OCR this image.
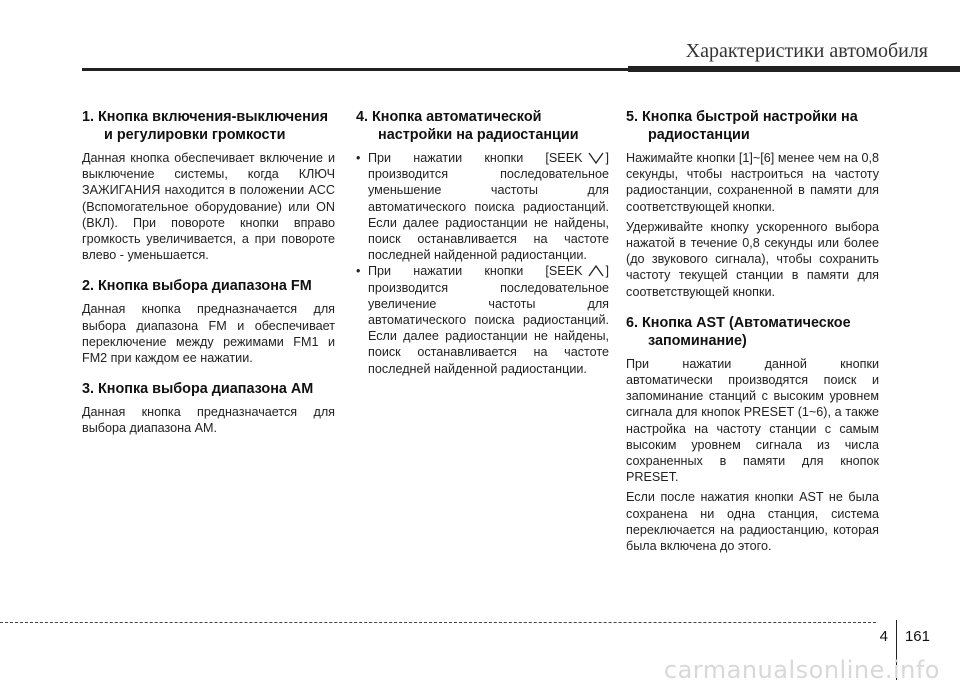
Характеристики автомобиля
1. Кнопка включения-выключения и регулировки громкости

Данная кнопка обеспечивает включение и выключение системы, когда КЛЮЧ ЗАЖИГАНИЯ находится в положении ACC (Вспомогательное оборудование) или ON (ВКЛ). При повороте кнопки вправо громкость увеличивается, а при повороте влево - уменьшается.

2. Кнопка выбора диапазона FM

Данная кнопка предназначается для выбора диапазона FM и обеспечивает переключение между режимами FM1 и FM2 при каждом ее нажатии.

3. Кнопка выбора диапазона AM

Данная кнопка предназначается для выбора диапазона AM.

4. Кнопка автоматической настройки на радиостанции
• При нажатии кнопки [SEEK ] производится последовательное уменьшение частоты для автоматического поиска радиостанций. Если далее радиостанции не найдены, поиск останавливается на частоте последней найденной радиостанции.
• При нажатии кнопки [SEEK ] производится последовательное увеличение частоты для автоматического поиска радиостанций. Если далее радиостанции не найдены, поиск останавливается на частоте последней найденной радиостанции.
5. Кнопка быстрой настройки на радиостанции

Нажимайте кнопки [1]~[6] менее чем на 0,8 секунды, чтобы настроиться на частоту радиостанции, сохраненной в памяти для соответствующей кнопки.

Удерживайте кнопку ускоренного выбора нажатой в течение 0,8 секунды или более (до звукового сигнала), чтобы сохранить частоту текущей станции в памяти для соответствующей кнопки.

6. Кнопка AST (Автоматическое запоминание)

При нажатии данной кнопки автоматически производятся поиск и запоминание станций с высоким уровнем сигнала для кнопок PRESET (1~6), а также настройка на частоту станции с самым высоким уровнем сигнала из числа сохраненных в памяти для кнопок PRESET.

Если после нажатия кнопки AST не была сохранена ни одна станция, система переключается на радиостанцию, которая была включена до этого.

4 161
carmanualsonline.info
